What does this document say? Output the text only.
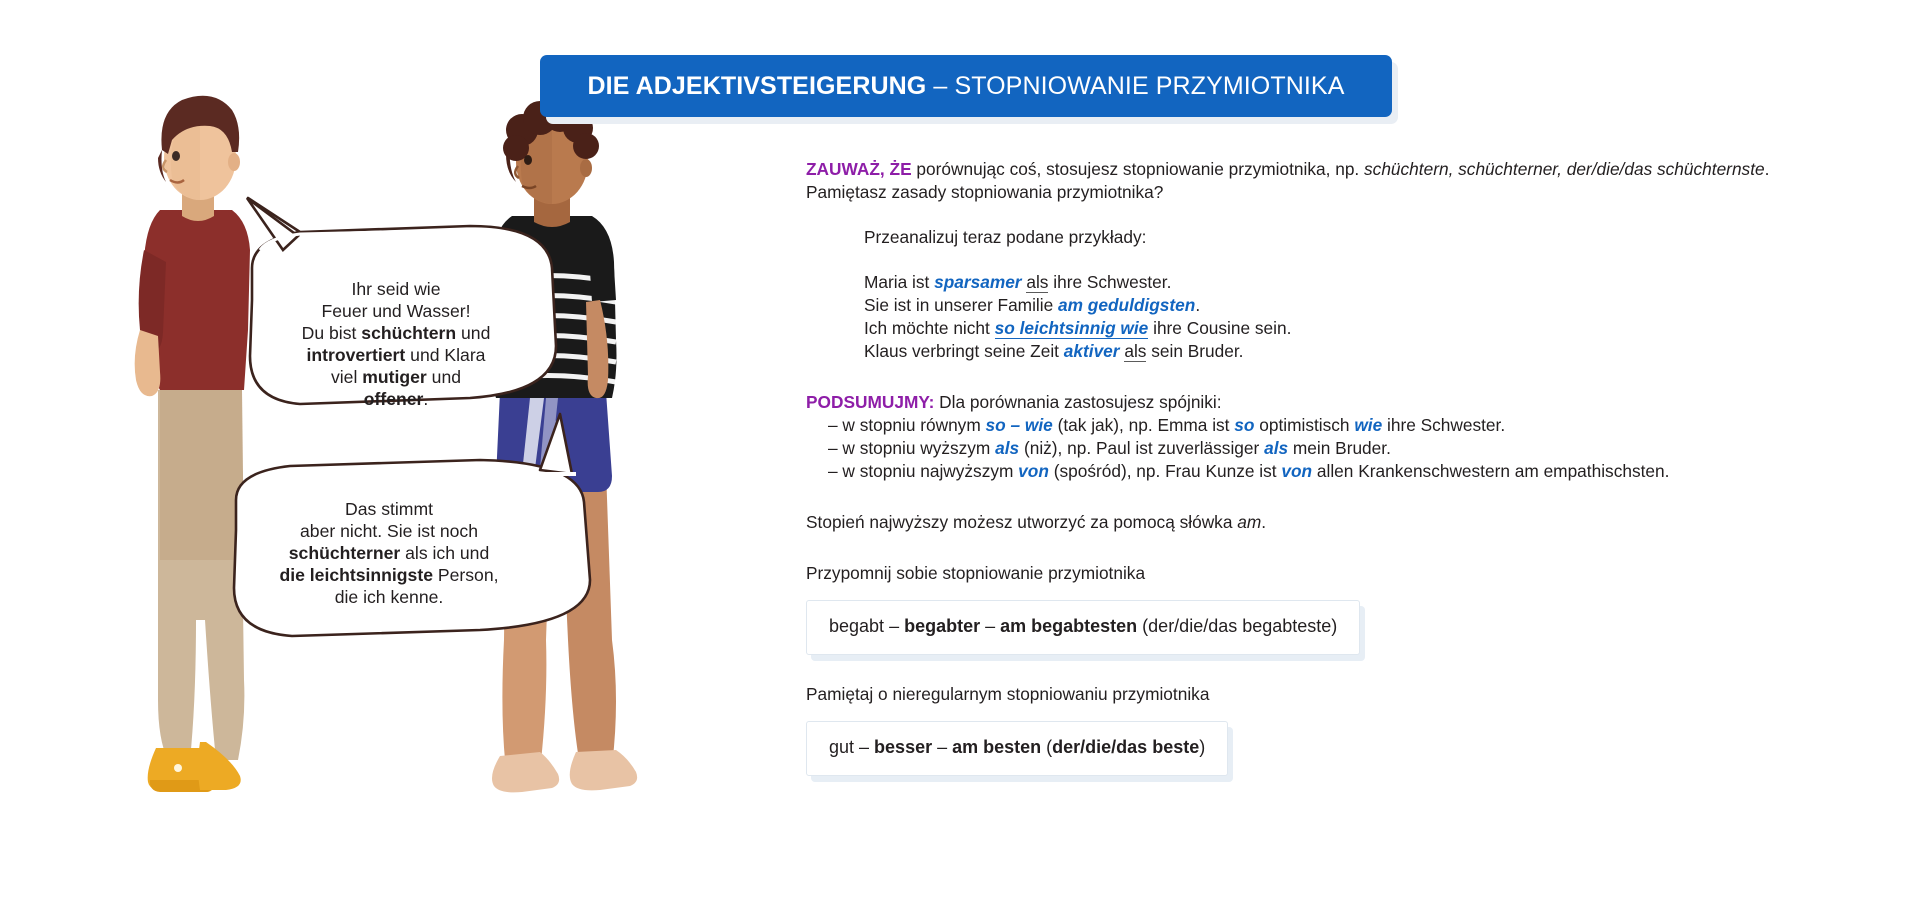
Ihr seid wie
Feuer und Wasser!
Du bist schüchtern und
introvertiert und Klara
viel mutiger und
offener.
Das stimmt
aber nicht. Sie ist noch
schüchterner als ich und
die leichtsinnigste Person,
die ich kenne.
DIE ADJEKTIVSTEIGERUNG – STOPNIOWANIE PRZYMIOTNIKA
ZAUWAŻ, ŻE porównując coś, stosujesz stopniowanie przymiotnika, np. schüchtern, schüchterner, der/die/das schüchternste.
Pamiętasz zasady stopniowania przymiotnika?
Przeanalizuj teraz podane przykłady:
Maria ist sparsamer als ihre Schwester.
Sie ist in unserer Familie am geduldigsten.
Ich möchte nicht so leichtsinnig wie ihre Cousine sein.
Klaus verbringt seine Zeit aktiver als sein Bruder.
PODSUMUJMY: Dla porównania zastosujesz spójniki:
– w stopniu równym so – wie (tak jak), np. Emma ist so optimistisch wie ihre Schwester.
– w stopniu wyższym als (niż), np. Paul ist zuverlässiger als mein Bruder.
– w stopniu najwyższym von (spośród), np. Frau Kunze ist von allen Krankenschwestern am empathischsten.
Stopień najwyższy możesz utworzyć za pomocą słówka am.
Przypomnij sobie stopniowanie przymiotnika
begabt – begabter – am begabtesten (der/die/das begabteste)
Pamiętaj o nieregularnym stopniowaniu przymiotnika
gut – besser – am besten (der/die/das beste)
